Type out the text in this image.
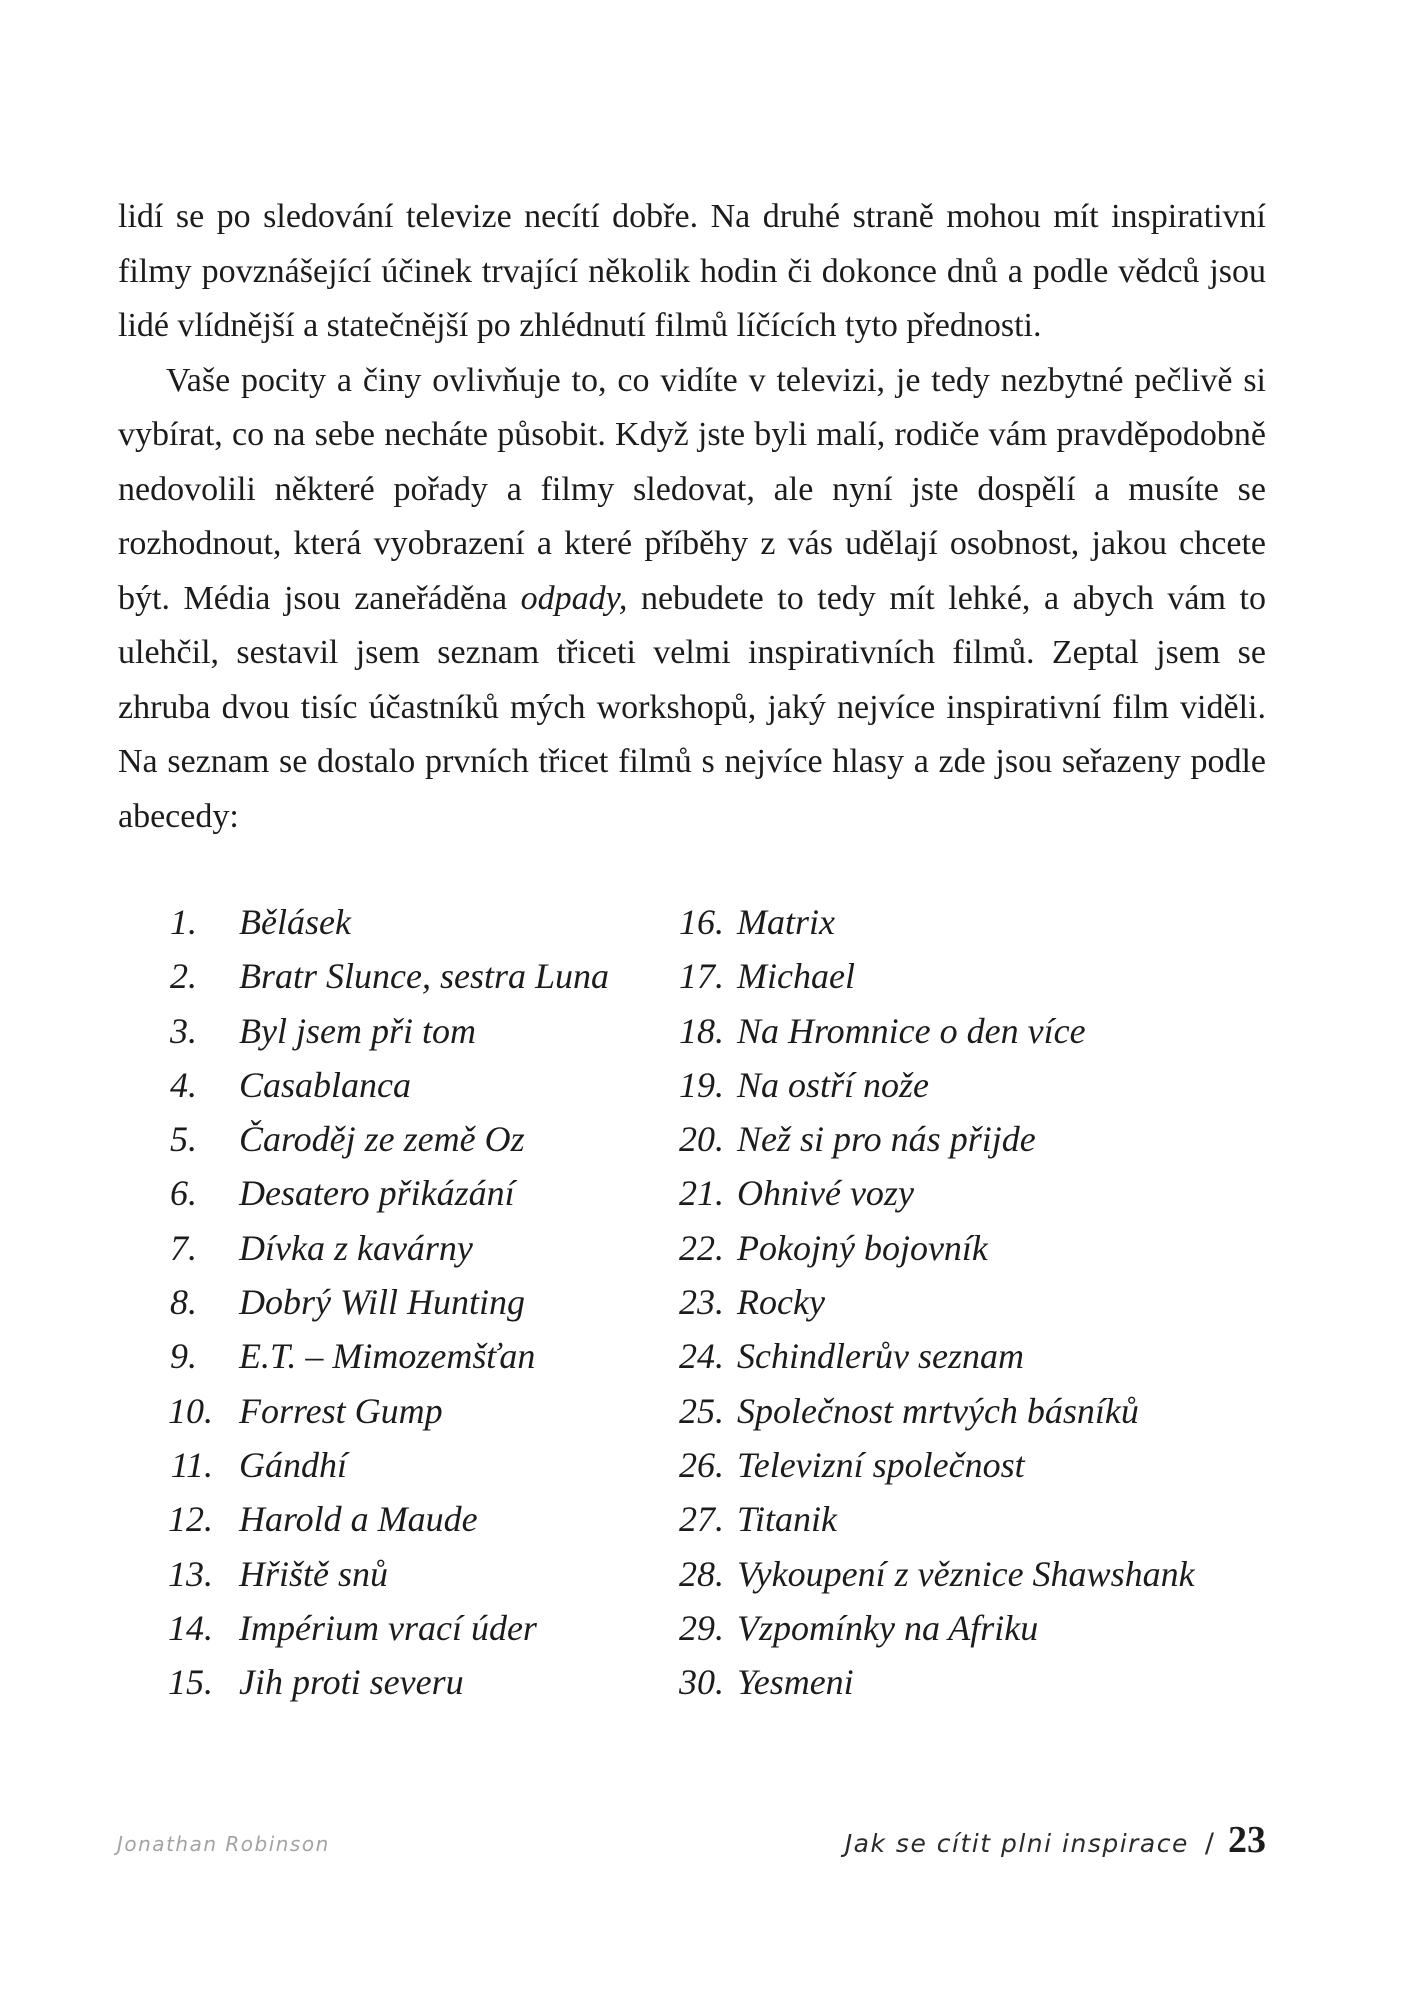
lidí se po sledování televize necítí dobře. Na druhé straně mohou mít inspirativní filmy povznášející účinek trvající několik hodin či dokonce dnů a podle vědců jsou lidé vlídnější a statečnější po zhlédnutí filmů líčících tyto přednosti.

Vaše pocity a činy ovlivňuje to, co vidíte v televizi, je tedy nezbytné pečlivě si vybírat, co na sebe necháte působit. Když jste byli malí, rodiče vám pravděpodobně nedovolili některé pořady a filmy sledovat, ale nyní jste dospělí a musíte se rozhodnout, která vyobrazení a které příběhy z vás udělají osobnost, jakou chcete být. Média jsou zaneřáděna odpady, nebudete to tedy mít lehké, a abych vám to ulehčil, sestavil jsem seznam třiceti velmi inspirativních filmů. Zeptal jsem se zhruba dvou tisíc účastníků mých workshopů, jaký nejvíce inspirativní film viděli. Na seznam se dostalo prvních třicet filmů s nejvíce hlasy a zde jsou seřazeny podle abecedy:

1. Bělásek
2. Bratr Slunce, sestra Luna
3. Byl jsem při tom
4. Casablanca
5. Čaroděj ze země Oz
6. Desatero přikázání
7. Dívka z kavárny
8. Dobrý Will Hunting
9. E.T. – Mimozemšťan
10. Forrest Gump
11. Gándhí
12. Harold a Maude
13. Hřiště snů
14. Impérium vrací úder
15. Jih proti severu
16. Matrix
17. Michael
18. Na Hromnice o den více
19. Na ostří nože
20. Než si pro nás přijde
21. Ohnivé vozy
22. Pokojný bojovník
23. Rocky
24. Schindlerův seznam
25. Společnost mrtvých básníků
26. Televizní společnost
27. Titanik
28. Vykoupení z věznice Shawshank
29. Vzpomínky na Afriku
30. Yesmeni
Jonathan Robinson	Jak se cítit plni inspirace / 23
